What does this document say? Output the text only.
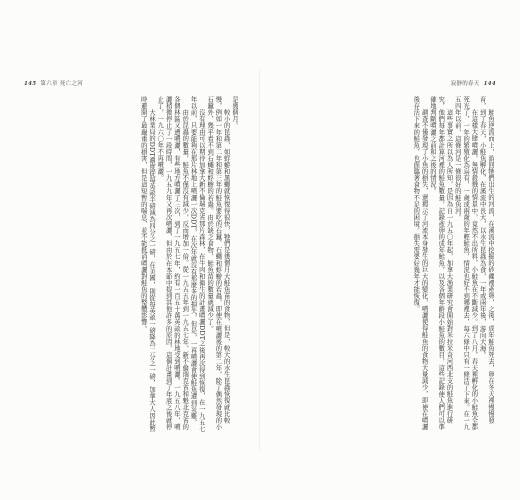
145 第六章 死亡之河

是幾個月。

較小的昆蟲，如蜉蝣和黑蠅就恢復得很快，牠們是幾個月大鮭魚苗的食物，但是，較大的水生昆蟲恢復就比較慢，例如一年和第二年和第三年的鮭魚要吃的石蠶、石蠅和蜉蝣的若蟲，即使在噴灑後的第二年，除了偶然發現的小石蠶外，幾乎看不到石蠅和蜉蝣的若蟲。由於缺乏食物，鮭魚苗的數量就減少了。

沒有理由可以期待加拿大新不倫瑞克省那片森林，在牛肉和衛生的計畫噴灑DDT之後再次得到恢復，在一九五七年以前，只要能夠在那片林地上噴灑一次DDT，在次年就沒有那麼多的損失，但是，一再噴灑會使鮭魚遭到災難。

由於昆蟲的數量，鮭魚不僅沒有減少，反而增加一倍。從一九五五年到一九五七年，新不倫瑞克省和魁北克省的各個林區又遭噴灑，有些地方噴灑了三次，到了一九五七年，約有一百五十萬英畝的林地受到噴灑。一九五八年，噴灑稍微停止了一段時間，一九五九年又再次噴灑，但由於在本節中提到其他許多的原因，這個計畫到了年底之後就停止了，一九六〇年不再噴灑。

大林業局的DDT濃度從每英畝半磅減為四分之一磅，在美國，則從每英畝一磅降為二分之一磅，加拿大人因此暫時避開了最嚴重的損害，但是這短暫的喘息，並不能抵消噴灑對鮭魚的整體影響。

寂靜的春天 144

鮭魚逆流而上，游回牠們出生的河流，在溪流中挖掘的砂礫裡產卵，之後，成年鮭魚死去，卵在冬天裡慢慢發育，到了春天，小鮭魚孵化，在溪流中長大，以水生昆蟲為食，一年或兩年後，游向大海。

在這樣大肆噴灑，無情殺戮的情景中，竟然不出所料，小鮭魚在不斷減少。到了八月，春天裡孵化的小鮭魚全都死光了，一年的繁殖化為烏有，一歲或兩歲的年輕鮭魚，情況也好不到哪裡去，每六條中只有一條活了下來。在一九五四年以前，這條河是一條很好的鮭魚河。

這些事實之所以為人所知，是因為自一九五〇年起，加拿大漁業研究會開始對米拉米奇河西北支的鮭魚進行研究，他們每年都計算河裡的鮭魚數量，記錄產卵的成年鮭魚，以及各個年齡段小鮭魚的數目，這些記錄使人們可以準確地判斷噴灑之前和之後的情況。

調查不僅發現了小魚的損失，還揭示了河流本身發生的巨大的變化，噴灑使得鮭魚的食物大量減少，即使在噴灑後存活下來的鮭魚，也面臨著食物不足的困境，損失需要好幾年才能恢復。
